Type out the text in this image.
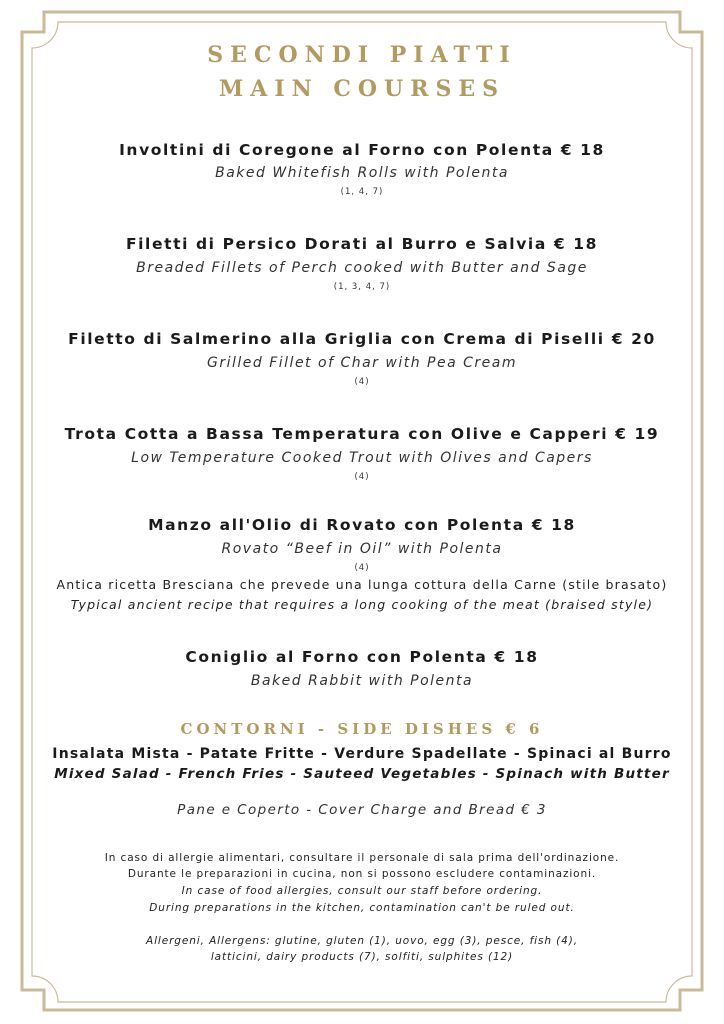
SECONDI PIATTI
MAIN COURSES
Involtini di Coregone al Forno con Polenta € 18
Baked Whitefish Rolls with Polenta
(1, 4, 7)
Filetti di Persico Dorati al Burro e Salvia € 18
Breaded Fillets of Perch cooked with Butter and Sage
(1, 3, 4, 7)
Filetto di Salmerino alla Griglia con Crema di Piselli € 20
Grilled Fillet of Char with Pea Cream
(4)
Trota Cotta a Bassa Temperatura con Olive e Capperi € 19
Low Temperature Cooked Trout with Olives and Capers
(4)
Manzo all'Olio di Rovato con Polenta € 18
Rovato “Beef in Oil” with Polenta
(4)
Antica ricetta Bresciana che prevede una lunga cottura della Carne (stile brasato)
Typical ancient recipe that requires a long cooking of the meat (braised style)
Coniglio al Forno con Polenta € 18
Baked Rabbit with Polenta
CONTORNI - SIDE DISHES € 6
Insalata Mista - Patate Fritte - Verdure Spadellate - Spinaci al Burro
Mixed Salad - French Fries - Sauteed Vegetables - Spinach with Butter
Pane e Coperto - Cover Charge and Bread € 3
In caso di allergie alimentari, consultare il personale di sala prima dell'ordinazione.
Durante le preparazioni in cucina, non si possono escludere contaminazioni.
In case of food allergies, consult our staff before ordering.
During preparations in the kitchen, contamination can't be ruled out.
Allergeni, Allergens: glutine, gluten (1), uovo, egg (3), pesce, fish (4),
latticini, dairy products (7), solfiti, sulphites (12)
